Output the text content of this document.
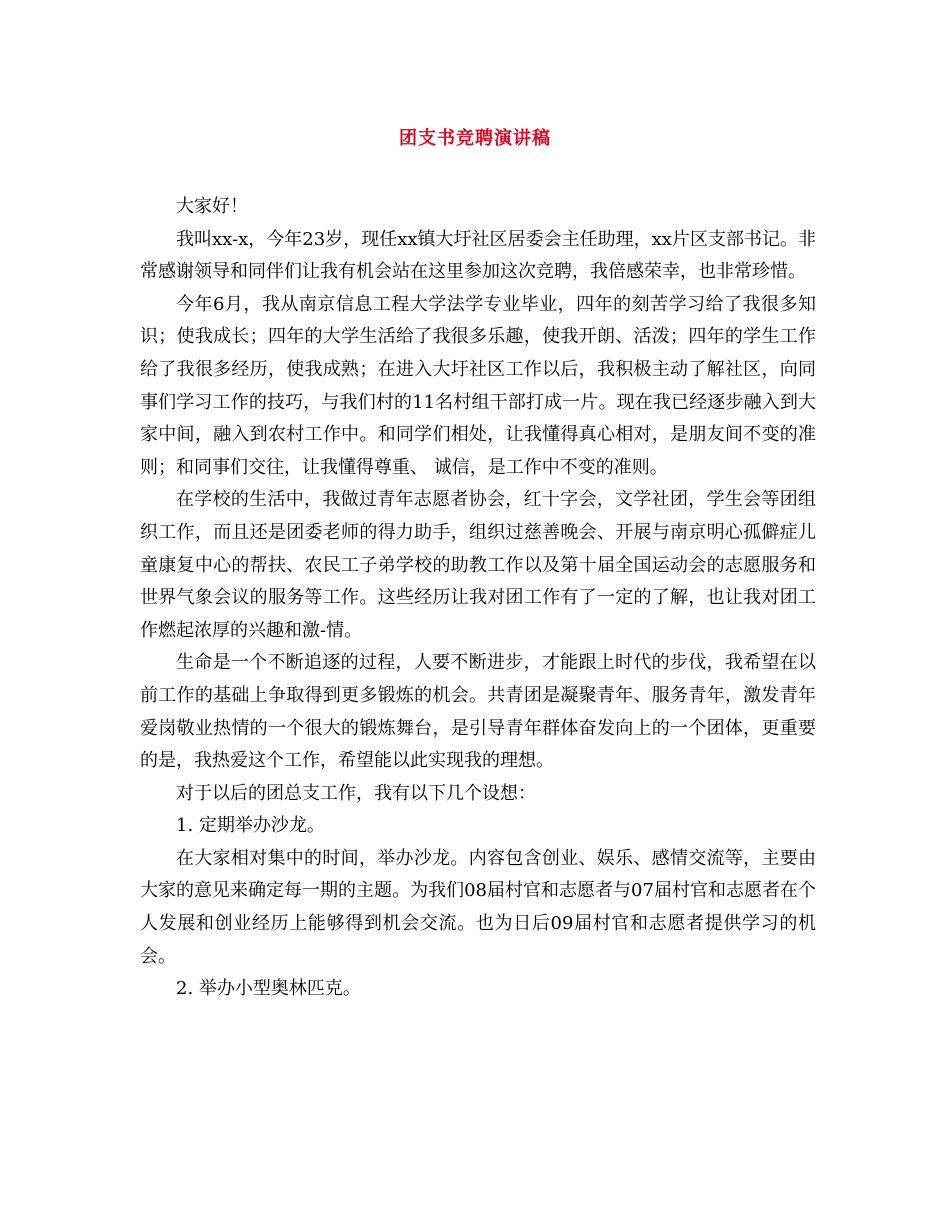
团支书竞聘演讲稿

大家好！

我叫xx-x，今年23岁，现任xx镇大圩社区居委会主任助理，xx片区支部书记。非常感谢领导和同伴们让我有机会站在这里参加这次竞聘，我倍感荣幸，也非常珍惜。

今年6月，我从南京信息工程大学法学专业毕业，四年的刻苦学习给了我很多知识；使我成长；四年的大学生活给了我很多乐趣，使我开朗、活泼；四年的学生工作给了我很多经历，使我成熟；在进入大圩社区工作以后，我积极主动了解社区，向同事们学习工作的技巧，与我们村的11名村组干部打成一片。现在我已经逐步融入到大家中间，融入到农村工作中。和同学们相处，让我懂得真心相对，是朋友间不变的准则；和同事们交往，让我懂得尊重、 诚信，是工作中不变的准则。

在学校的生活中，我做过青年志愿者协会，红十字会，文学社团，学生会等团组织工作，而且还是团委老师的得力助手，组织过慈善晚会、开展与南京明心孤僻症儿童康复中心的帮扶、农民工子弟学校的助教工作以及第十届全国运动会的志愿服务和世界气象会议的服务等工作。这些经历让我对团工作有了一定的了解，也让我对团工作燃起浓厚的兴趣和激-情。

生命是一个不断追逐的过程，人要不断进步，才能跟上时代的步伐，我希望在以前工作的基础上争取得到更多锻炼的机会。共青团是凝聚青年、服务青年，激发青年爱岗敬业热情的一个很大的锻炼舞台，是引导青年群体奋发向上的一个团体，更重要的是，我热爱这个工作，希望能以此实现我的理想。

对于以后的团总支工作，我有以下几个设想：

1. 定期举办沙龙。

在大家相对集中的时间，举办沙龙。内容包含创业、娱乐、感情交流等，主要由大家的意见来确定每一期的主题。为我们08届村官和志愿者与07届村官和志愿者在个人发展和创业经历上能够得到机会交流。也为日后09届村官和志愿者提供学习的机会。

2. 举办小型奥林匹克。
